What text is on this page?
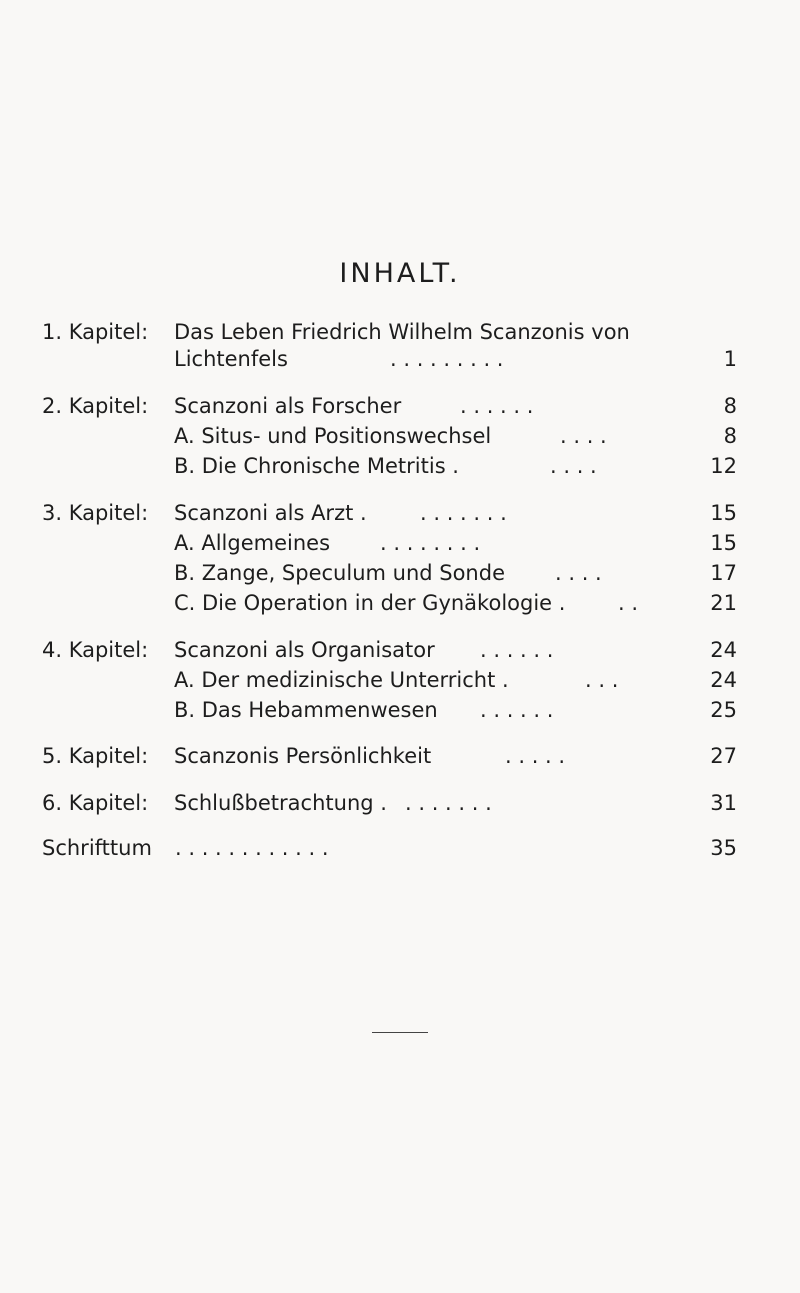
INHALT.
1. Kapitel: Das Leben Friedrich Wilhelm Scanzonis von
Lichtenfels	. . . . . . . . .	1
2. Kapitel: Scanzoni als Forscher	. . . . . .	8
A. Situs- und Positionswechsel	. . . .	8
B. Die Chronische Metritis .	. . . .	12
3. Kapitel: Scanzoni als Arzt .	. . . . . . .	15
A. Allgemeines . . . . . . . .	15
B. Zange, Speculum und Sonde . . . .	17
C. Die Operation in der Gynäkologie .	. .	21
4. Kapitel: Scanzoni als Organisator . . . . . .	24
A. Der medizinische Unterricht .	. . .	24
B. Das Hebammenwesen . . . . . .	25
5. Kapitel: Scanzonis Persönlichkeit	. . . . .	27
6. Kapitel: Schlußbetrachtung . . . . . . . .	31
Schrifttum . . . . . . . . . . . .	35
